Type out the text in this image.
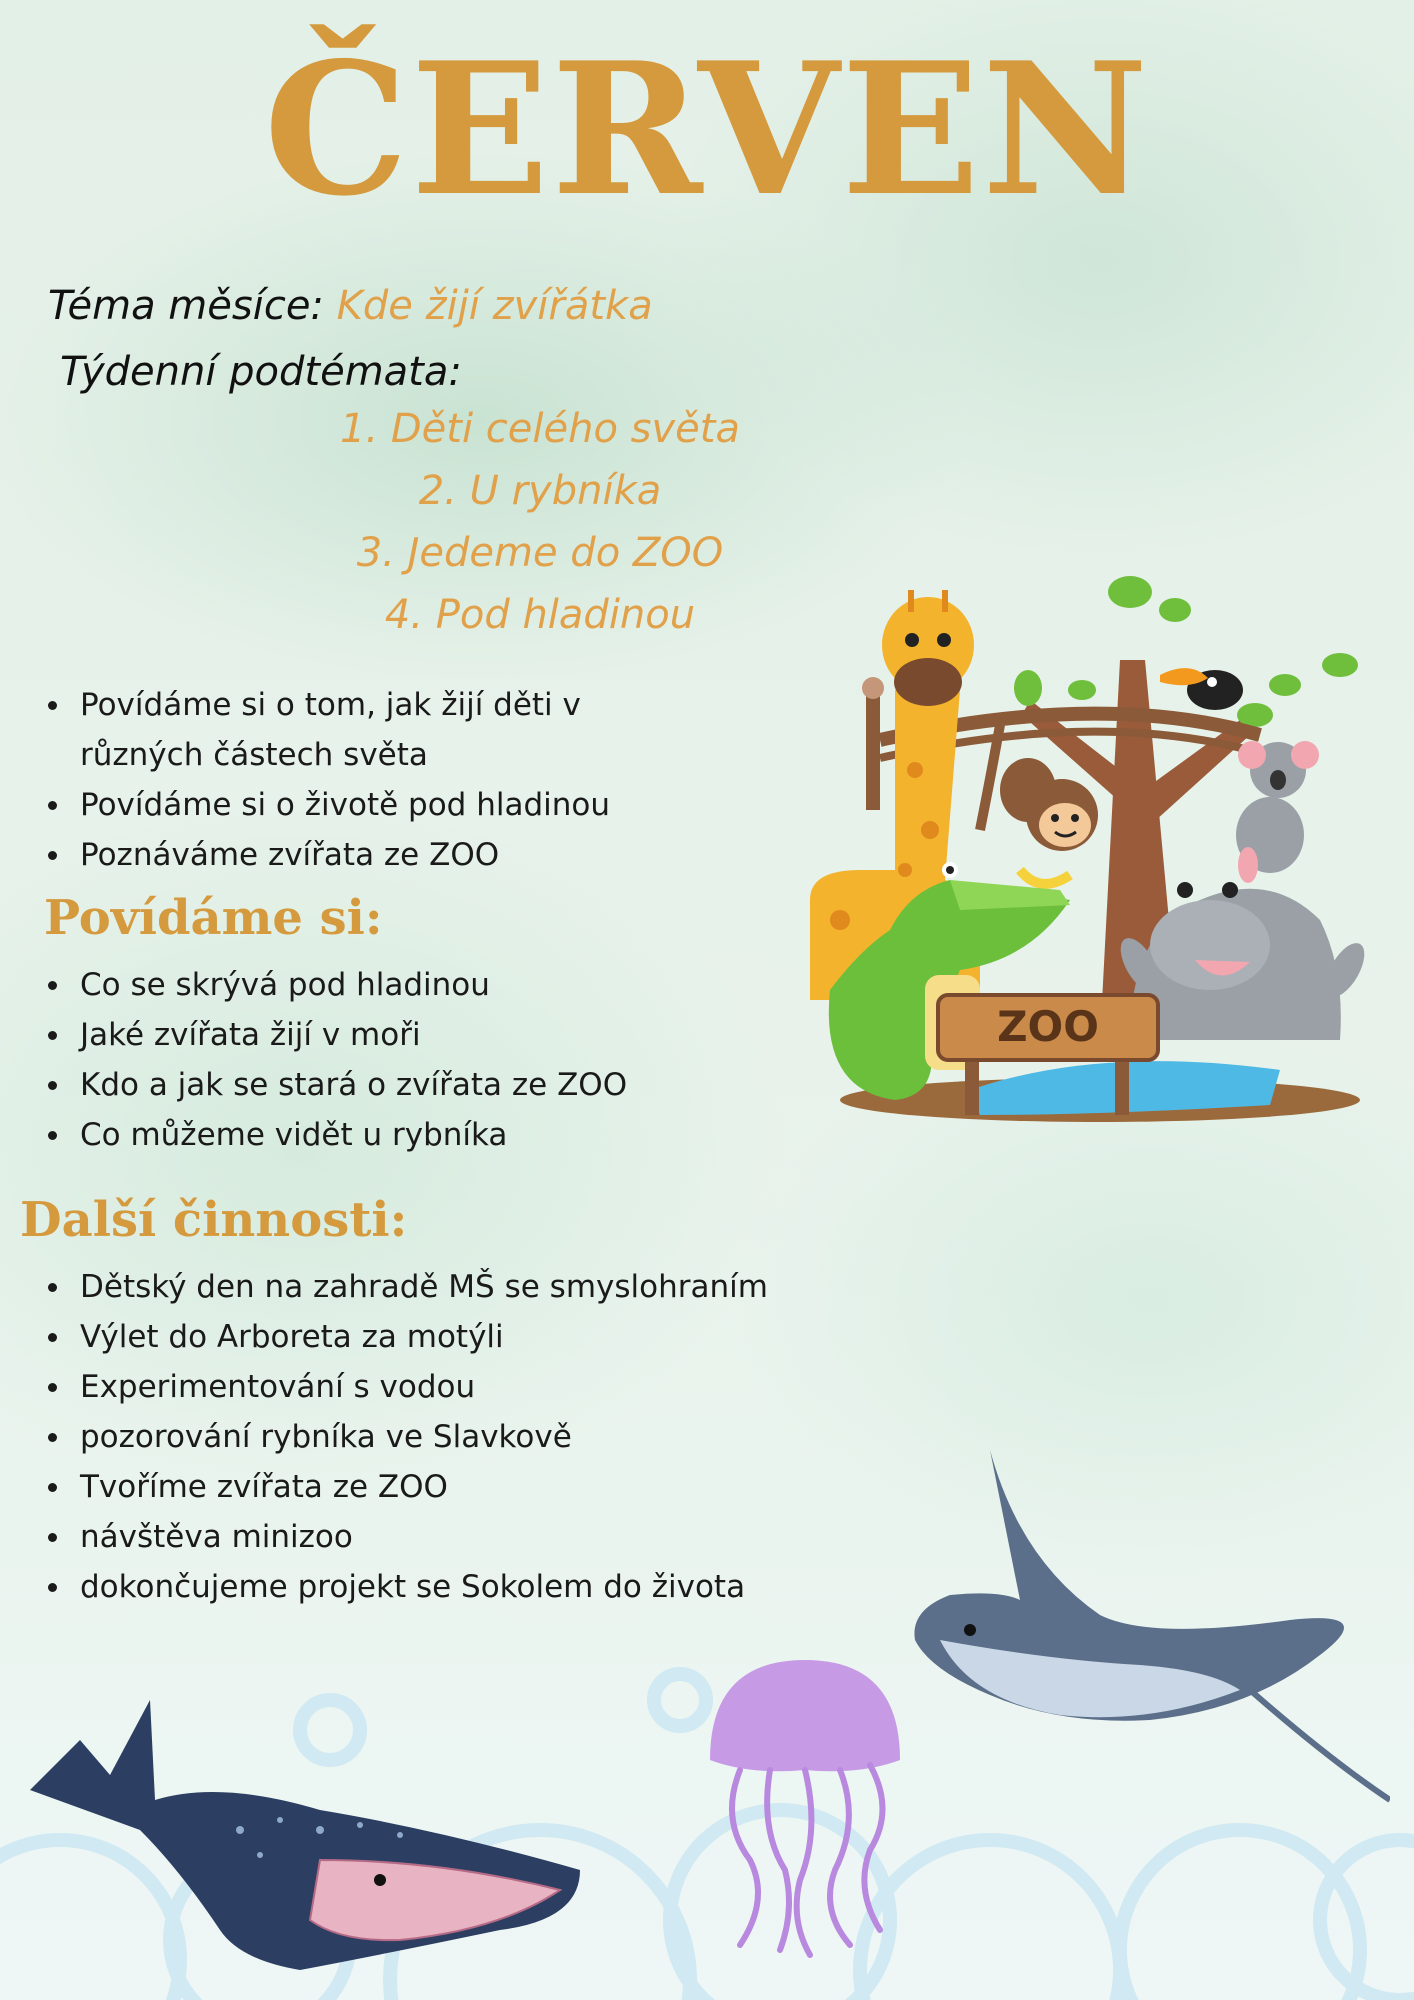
ČERVEN

Téma měsíce: Kde žijí zvířátka

Týdenní podtémata:

1. Děti celého světa
2. U rybníka
3. Jedeme do ZOO
4. Pod hladinou
Povídáme si o tom, jak žijí děti v různých částech světa
Povídáme si o životě pod hladinou
Poznáváme zvířata ze ZOO
Povídáme si:
Co se skrývá pod hladinou
Jaké zvířata žijí v moři
Kdo a jak se stará o zvířata ze ZOO
Co můžeme vidět u rybníka
Další činnosti:
Dětský den na zahradě MŠ se smyslohraním
Výlet do Arboreta za motýli
Experimentování s vodou
pozorování rybníka ve Slavkově
Tvoříme zvířata ze ZOO
návštěva minizoo
dokončujeme projekt se Sokolem do života
ZOO
